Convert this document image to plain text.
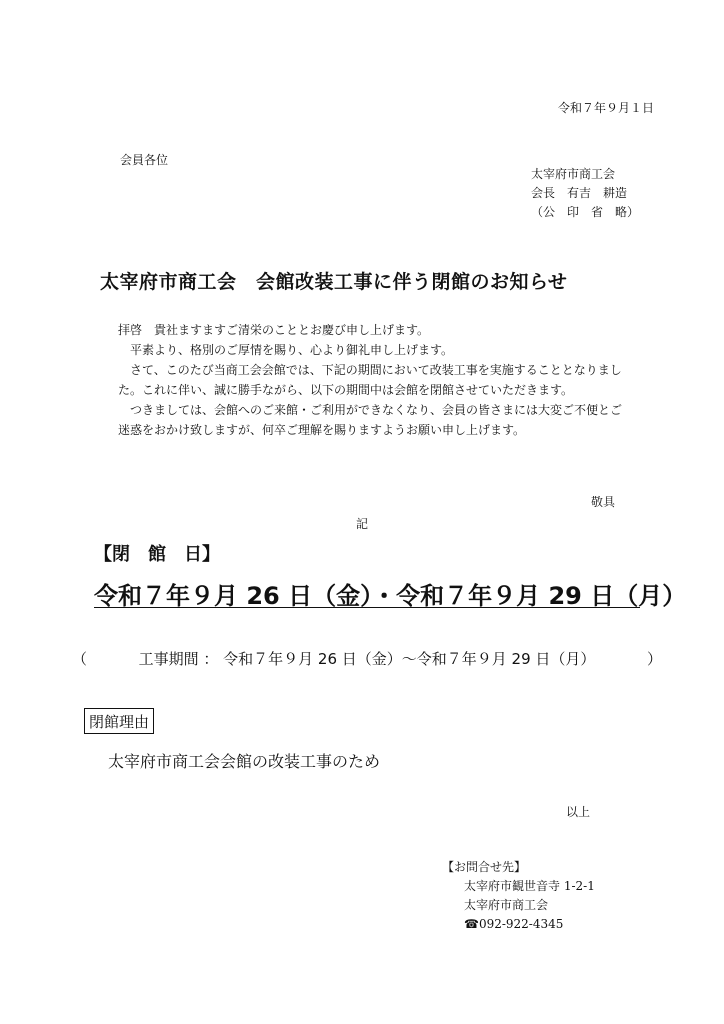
令和７年９月１日
会員各位
太宰府市商工会
会長　有吉　耕造
（公　印　省　略）
太宰府市商工会　会館改装工事に伴う閉館のお知らせ

拝啓　貴社ますますご清栄のこととお慶び申し上げます。

　平素より、格別のご厚情を賜り、心より御礼申し上げます。

　さて、このたび当商工会会館では、下記の期間において改装工事を実施することとなりました。これに伴い、誠に勝手ながら、以下の期間中は会館を閉館させていただきます。

　つきましては、会館へのご来館・ご利用ができなくなり、会員の皆さまには大変ご不便とご迷惑をおかけ致しますが、何卒ご理解を賜りますようお願い申し上げます。

敬具
記
【閉　館　日】
令和７年９月 26 日（金）・令和７年９月 29 日（月）
（	工事期間 ： 令和７年９月 26 日（金）～令和７年９月 29 日（月）	）
閉館理由
太宰府市商工会会館の改装工事のため
以上
【お問合せ先】
太宰府市観世音寺 1-2-1
太宰府市商工会
☎092-922-4345
